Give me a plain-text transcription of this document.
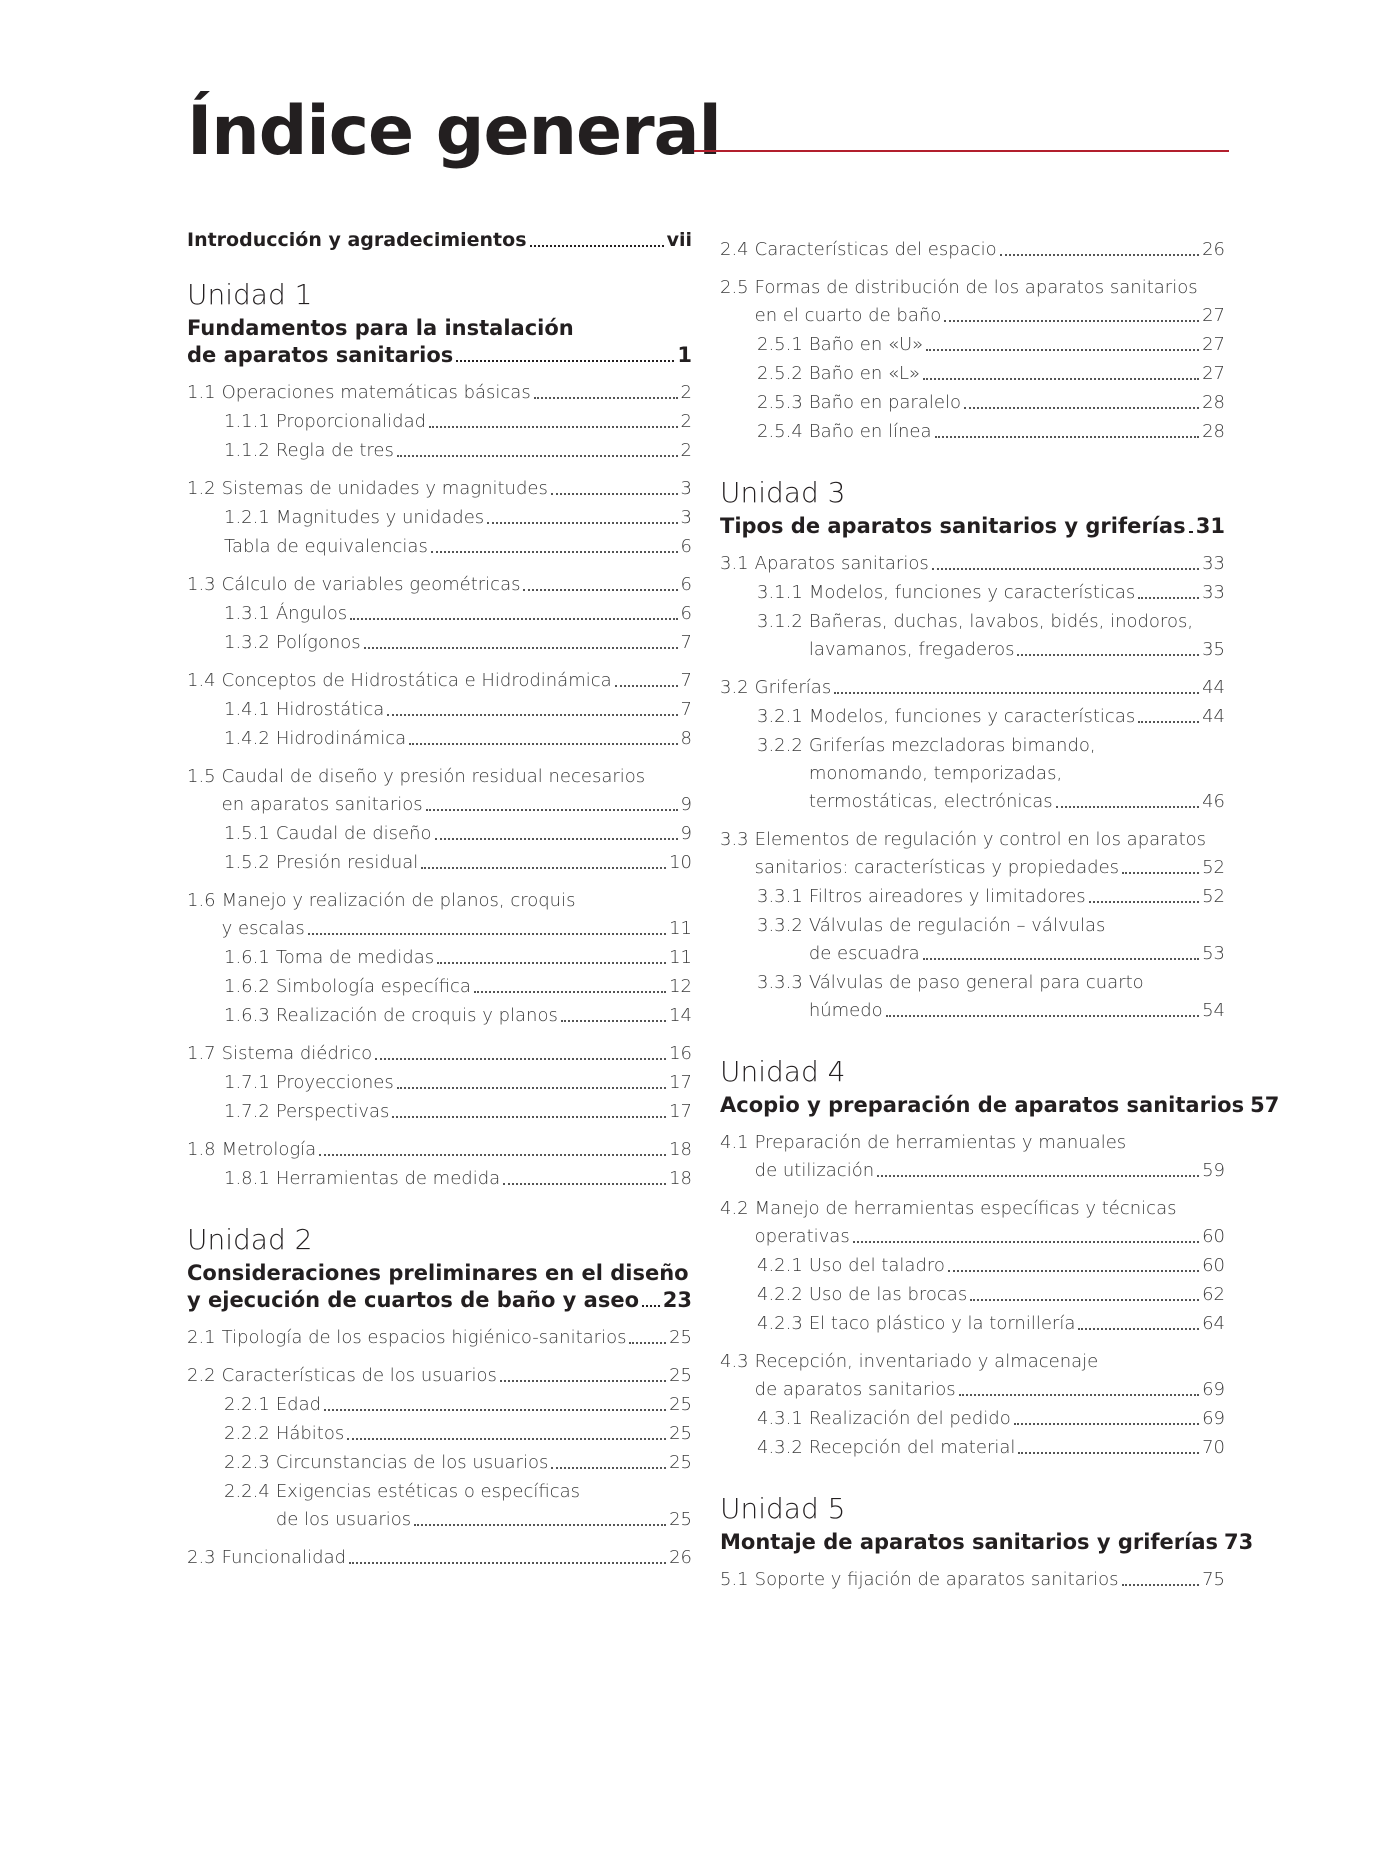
Índice general
Introducción y agradecimientos	vii
Unidad 1
Fundamentos para la instalación
de aparatos sanitarios	1
1.1 Operaciones matemáticas básicas	2
1.1.1 Proporcionalidad	2
1.1.2 Regla de tres	2
1.2 Sistemas de unidades y magnitudes	3
1.2.1 Magnitudes y unidades	3
Tabla de equivalencias	6
1.3 Cálculo de variables geométricas	6
1.3.1 Ángulos	6
1.3.2 Polígonos	7
1.4 Conceptos de Hidrostática e Hidrodinámica	7
1.4.1 Hidrostática	7
1.4.2 Hidrodinámica	8
1.5 Caudal de diseño y presión residual necesarios
en aparatos sanitarios	9
1.5.1 Caudal de diseño	9
1.5.2 Presión residual	10
1.6 Manejo y realización de planos, croquis
y escalas	11
1.6.1 Toma de medidas	11
1.6.2 Simbología específica	12
1.6.3 Realización de croquis y planos	14
1.7 Sistema diédrico	16
1.7.1 Proyecciones	17
1.7.2 Perspectivas	17
1.8 Metrología	18
1.8.1 Herramientas de medida	18
Unidad 2
Consideraciones preliminares en el diseño
y ejecución de cuartos de baño y aseo 23
2.1 Tipología de los espacios higiénico-sanitarios 25
2.2 Características de los usuarios	25
2.2.1 Edad	25
2.2.2 Hábitos	25
2.2.3 Circunstancias de los usuarios	25
2.2.4 Exigencias estéticas o específicas
de los usuarios	25
2.3 Funcionalidad	26
2.4 Características del espacio	26
2.5 Formas de distribución de los aparatos sanitarios
en el cuarto de baño	27
2.5.1 Baño en «U»	27
2.5.2 Baño en «L»	27
2.5.3 Baño en paralelo	28
2.5.4 Baño en línea	28
Unidad 3
Tipos de aparatos sanitarios y griferías 31
3.1 Aparatos sanitarios	33
3.1.1 Modelos, funciones y características	33
3.1.2 Bañeras, duchas, lavabos, bidés, inodoros,
lavamanos, fregaderos	35
3.2 Griferías	44
3.2.1 Modelos, funciones y características	44
3.2.2 Griferías mezcladoras bimando,
monomando, temporizadas,
termostáticas, electrónicas	46
3.3 Elementos de regulación y control en los aparatos
sanitarios: características y propiedades	52
3.3.1 Filtros aireadores y limitadores	52
3.3.2 Válvulas de regulación – válvulas
de escuadra	53
3.3.3 Válvulas de paso general para cuarto
húmedo	54
Unidad 4
Acopio y preparación de aparatos sanitarios 57
4.1 Preparación de herramientas y manuales
de utilización	59
4.2 Manejo de herramientas específicas y técnicas
operativas	60
4.2.1 Uso del taladro	60
4.2.2 Uso de las brocas	62
4.2.3 El taco plástico y la tornillería	64
4.3 Recepción, inventariado y almacenaje
de aparatos sanitarios	69
4.3.1 Realización del pedido	69
4.3.2 Recepción del material	70
Unidad 5
Montaje de aparatos sanitarios y griferías 73
5.1 Soporte y fijación de aparatos sanitarios	75
